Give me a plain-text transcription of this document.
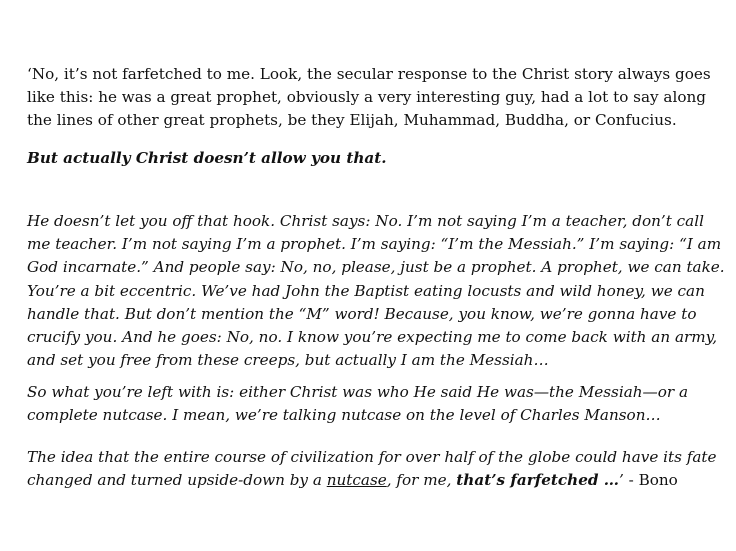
‘No, it’s not farfetched to me. Look, the secular response to the Christ story always goes like this: he was a great prophet, obviously a very interesting guy, had a lot to say along the lines of other great prophets, be they Elijah, Muhammad, Buddha, or Confucius.

But actually Christ doesn’t allow you that.

He doesn’t let you off that hook. Christ says: No. I’m not saying I’m a teacher, don’t call me teacher. I’m not saying I’m a prophet. I’m saying: “I’m the Messiah.” I’m saying: “I am God incarnate.” And people say: No, no, please, just be a prophet. A prophet, we can take. You’re a bit eccentric. We’ve had John the Baptist eating locusts and wild honey, we can handle that. But don’t mention the “M” word! Because, you know, we’re gonna have to crucify you. And he goes: No, no. I know you’re expecting me to come back with an army, and set you free from these creeps, but actually I am the Messiah…

So what you’re left with is: either Christ was who He said He was—the Messiah—or a complete nutcase. I mean, we’re talking nutcase on the level of Charles Manson…

The idea that the entire course of civilization for over half of the globe could have its fate changed and turned upside-down by a nutcase, for me, that’s farfetched …’ - Bono
